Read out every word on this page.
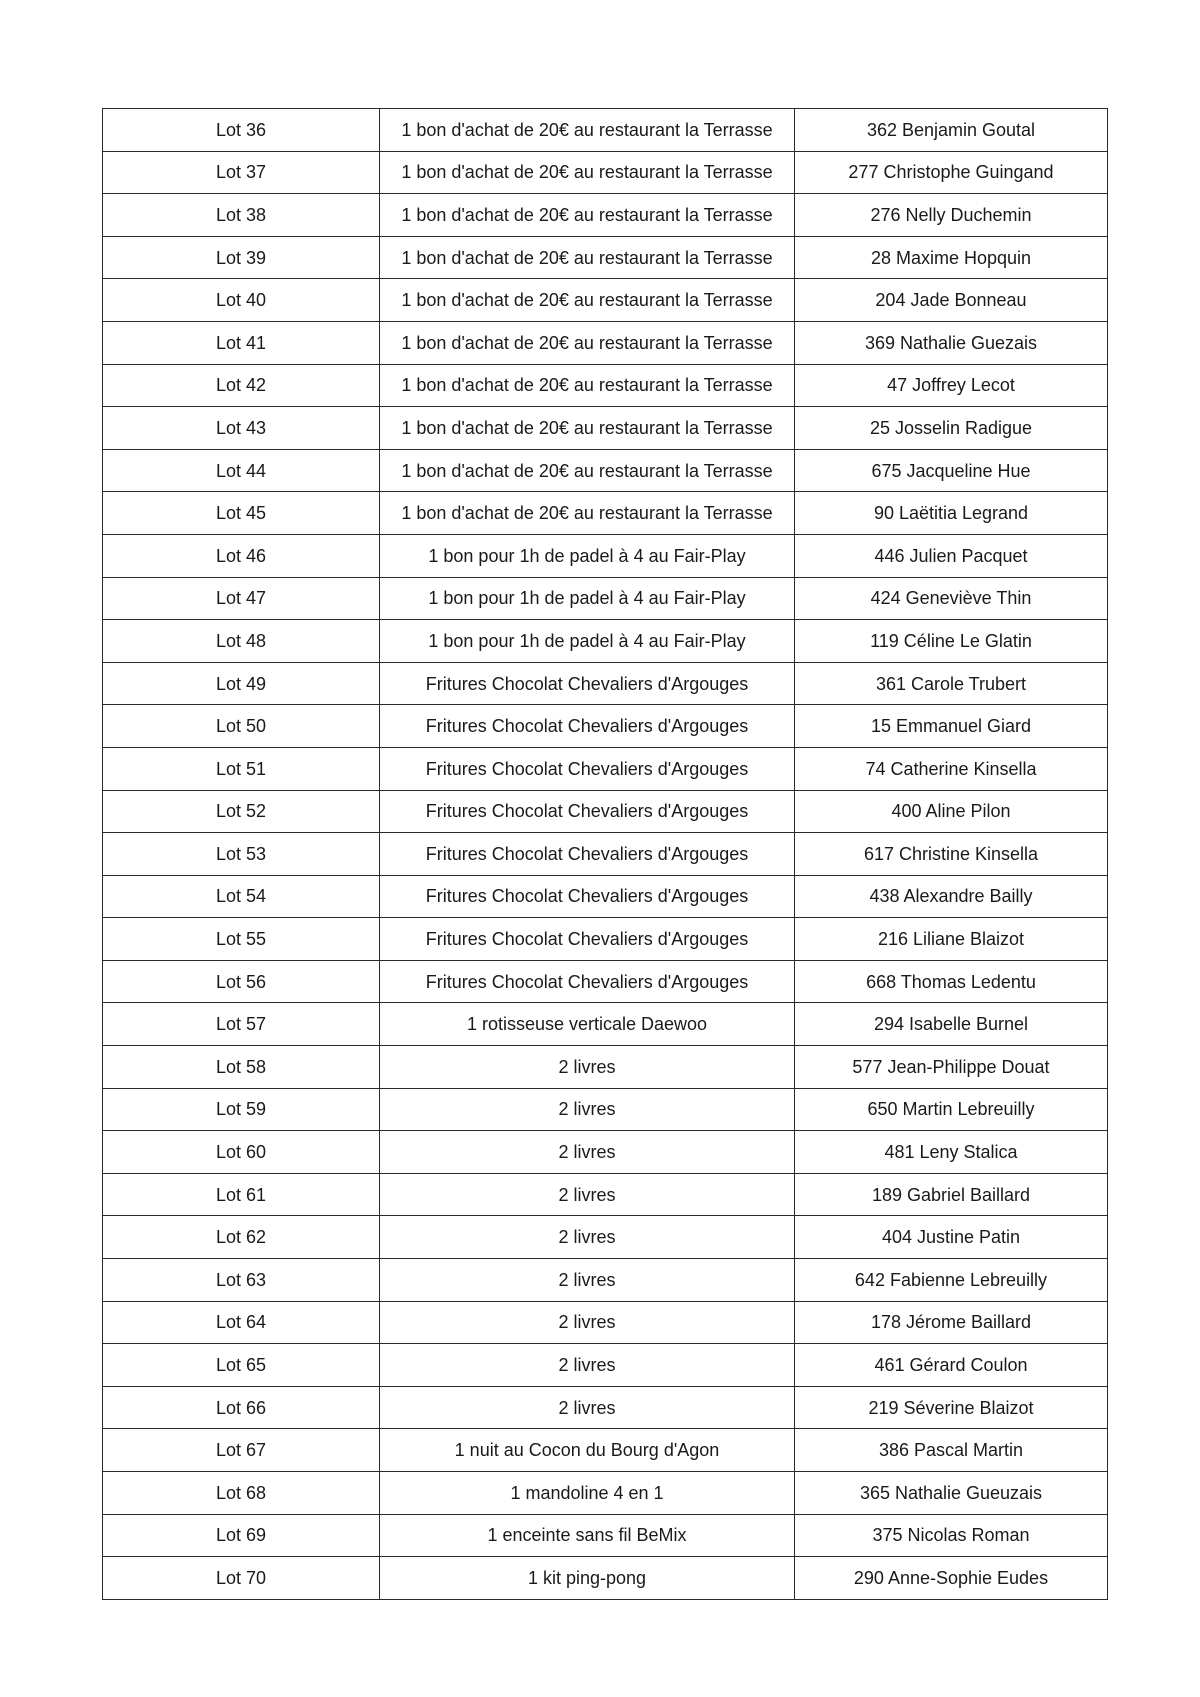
Lot 36	1 bon d'achat de 20€ au restaurant la Terrasse	362 Benjamin Goutal
Lot 37	1 bon d'achat de 20€ au restaurant la Terrasse	277 Christophe Guingand
Lot 38	1 bon d'achat de 20€ au restaurant la Terrasse	276 Nelly Duchemin
Lot 39	1 bon d'achat de 20€ au restaurant la Terrasse	28 Maxime Hopquin
Lot 40	1 bon d'achat de 20€ au restaurant la Terrasse	204 Jade Bonneau
Lot 41	1 bon d'achat de 20€ au restaurant la Terrasse	369 Nathalie Guezais
Lot 42	1 bon d'achat de 20€ au restaurant la Terrasse	47 Joffrey Lecot
Lot 43	1 bon d'achat de 20€ au restaurant la Terrasse	25 Josselin Radigue
Lot 44	1 bon d'achat de 20€ au restaurant la Terrasse	675 Jacqueline Hue
Lot 45	1 bon d'achat de 20€ au restaurant la Terrasse	90 Laëtitia Legrand
Lot 46	1 bon pour 1h de padel à 4 au Fair-Play	446 Julien Pacquet
Lot 47	1 bon pour 1h de padel à 4 au Fair-Play	424 Geneviève Thin
Lot 48	1 bon pour 1h de padel à 4 au Fair-Play	119 Céline Le Glatin
Lot 49	Fritures Chocolat Chevaliers d'Argouges	361 Carole Trubert
Lot 50	Fritures Chocolat Chevaliers d'Argouges	15 Emmanuel Giard
Lot 51	Fritures Chocolat Chevaliers d'Argouges	74 Catherine Kinsella
Lot 52	Fritures Chocolat Chevaliers d'Argouges	400 Aline Pilon
Lot 53	Fritures Chocolat Chevaliers d'Argouges	617 Christine Kinsella
Lot 54	Fritures Chocolat Chevaliers d'Argouges	438 Alexandre Bailly
Lot 55	Fritures Chocolat Chevaliers d'Argouges	216 Liliane Blaizot
Lot 56	Fritures Chocolat Chevaliers d'Argouges	668 Thomas Ledentu
Lot 57	1 rotisseuse verticale Daewoo	294 Isabelle Burnel
Lot 58	2 livres	577 Jean-Philippe Douat
Lot 59	2 livres	650 Martin Lebreuilly
Lot 60	2 livres	481 Leny Stalica
Lot 61	2 livres	189 Gabriel Baillard
Lot 62	2 livres	404 Justine Patin
Lot 63	2 livres	642 Fabienne Lebreuilly
Lot 64	2 livres	178 Jérome Baillard
Lot 65	2 livres	461 Gérard Coulon
Lot 66	2 livres	219 Séverine Blaizot
Lot 67	1 nuit au Cocon du Bourg d'Agon	386 Pascal Martin
Lot 68	1 mandoline 4 en 1	365 Nathalie Gueuzais
Lot 69	1 enceinte sans fil BeMix	375 Nicolas Roman
Lot 70	1 kit ping-pong	290 Anne-Sophie Eudes
